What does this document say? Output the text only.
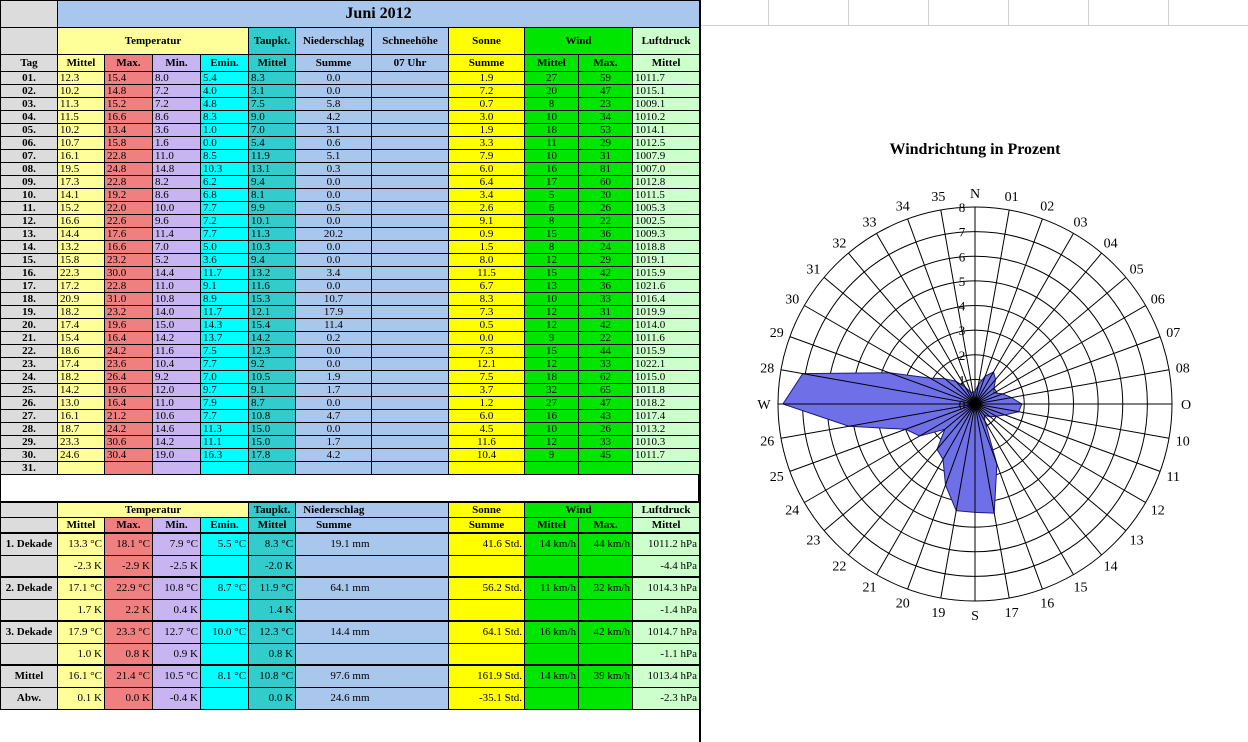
	Juni 2012										
	Temperatur				Taupkt.	Niederschlag	Schneehöhe	Sonne	Wind		Luftdruck
Tag	Mittel	Max.	Min.	Emin.	Mittel	Summe	07 Uhr	Summe	Mittel	Max.	Mittel
01.	12.3	15.4	8.0	5.4	8.3	0.0		1.9	27	59	1011.7
02.	10.2	14.8	7.2	4.0	3.1	0.0		7.2	20	47	1015.1
03.	11.3	15.2	7.2	4.8	7.5	5.8		0.7	8	23	1009.1
04.	11.5	16.6	8.6	8.3	9.0	4.2		3.0	10	34	1010.2
05.	10.2	13.4	3.6	1.0	7.0	3.1		1.9	18	53	1014.1
06.	10.7	15.8	1.6	0.0	5.4	0.6		3.3	11	29	1012.5
07.	16.1	22.8	11.0	8.5	11.9	5.1		7.9	10	31	1007.9
08.	19.5	24.8	14.8	10.3	13.1	0.3		6.0	16	81	1007.0
09.	17.3	22.8	8.2	6.2	9.4	0.0		6.4	17	60	1012.8
10.	14.1	19.2	8.6	6.8	8.1	0.0		3.4	5	20	1011.5
11.	15.2	22.0	10.0	7.7	9.9	0.5		2.6	6	26	1005.3
12.	16.6	22.6	9.6	7.2	10.1	0.0		9.1	8	22	1002.5
13.	14.4	17.6	11.4	7.7	11.3	20.2		0.9	15	36	1009.3
14.	13.2	16.6	7.0	5.0	10.3	0.0		1.5	8	24	1018.8
15.	15.8	23.2	5.2	3.6	9.4	0.0		8.0	12	29	1019.1
16.	22.3	30.0	14.4	11.7	13.2	3.4		11.5	15	42	1015.9
17.	17.2	22.8	11.0	9.1	11.6	0.0		6.7	13	36	1021.6
18.	20.9	31.0	10.8	8.9	15.3	10.7		8.3	10	33	1016.4
19.	18.2	23.2	14.0	11.7	12.1	17.9		7.3	12	31	1019.9
20.	17.4	19.6	15.0	14.3	15.4	11.4		0.5	12	42	1014.0
21.	15.4	16.4	14.2	13.7	14.2	0.2		0.0	9	22	1011.6
22.	18.6	24.2	11.6	7.5	12.3	0.0		7.3	15	44	1015.9
23.	17.4	23.6	10.4	7.7	9.2	0.0		12.1	12	33	1022.1
24.	18.2	26.4	9.2	7.0	10.5	1.9		7.5	18	62	1015.0
25.	14.2	19.6	12.0	9.7	9.1	1.7		3.7	32	65	1011.8
26.	13.0	16.4	11.0	7.9	8.7	0.0		1.2	27	47	1018.2
27.	16.1	21.2	10.6	7.7	10.8	4.7		6.0	16	43	1017.4
28.	18.7	24.2	14.6	11.3	15.0	0.0		4.5	10	26	1013.2
29.	23.3	30.6	14.2	11.1	15.0	1.7		11.6	12	33	1010.3
30.	24.6	30.4	19.0	16.3	17.8	4.2		10.4	9	45	1011.7
31.											
	Temperatur				Taupkt.	Niederschlag		Sonne	Wind		Luftdruck
	Mittel	Max.	Min.	Emin.	Mittel	Summe		Summe	Mittel	Max.	Mittel
1. Dekade	13.3 °C	18.1 °C	7.9 °C	5.5 °C	8.3 °C	19.1 mm		41.6 Std.	14 km/h	44 km/h	1011.2 hPa
	-2.3 K	-2.9 K	-2.5 K		-2.0 K						-4.4 hPa
2. Dekade	17.1 °C	22.9 °C	10.8 °C	8.7 °C	11.9 °C	64.1 mm		56.2 Std.	11 km/h	32 km/h	1014.3 hPa
	1.7 K	2.2 K	0.4 K		1.4 K						-1.4 hPa
3. Dekade	17.9 °C	23.3 °C	12.7 °C	10.0 °C	12.3 °C	14.4 mm		64.1 Std.	16 km/h	42 km/h	1014.7 hPa
	1.0 K	0.8 K	0.9 K		0.8 K						-1.1 hPa
Mittel	16.1 °C	21.4 °C	10.5 °C	8.1 °C	10.8 °C	97.6 mm		161.9 Std.	14 km/h	39 km/h	1013.4 hPa
Abw.	0.1 K	0.0 K	-0.4 K		0.0 K	24.6 mm		-35.1 Std.			-2.3 hPa
Windrichtung in Prozent
0
1
2
3
4
5
6
7
8
N 01
02
03
04
05
06
07
08
O
10
11
12
13
14
15
16
17
S
19
20
21
22
23
24
25
26
W
28
29
30
31
32
33
34
35
